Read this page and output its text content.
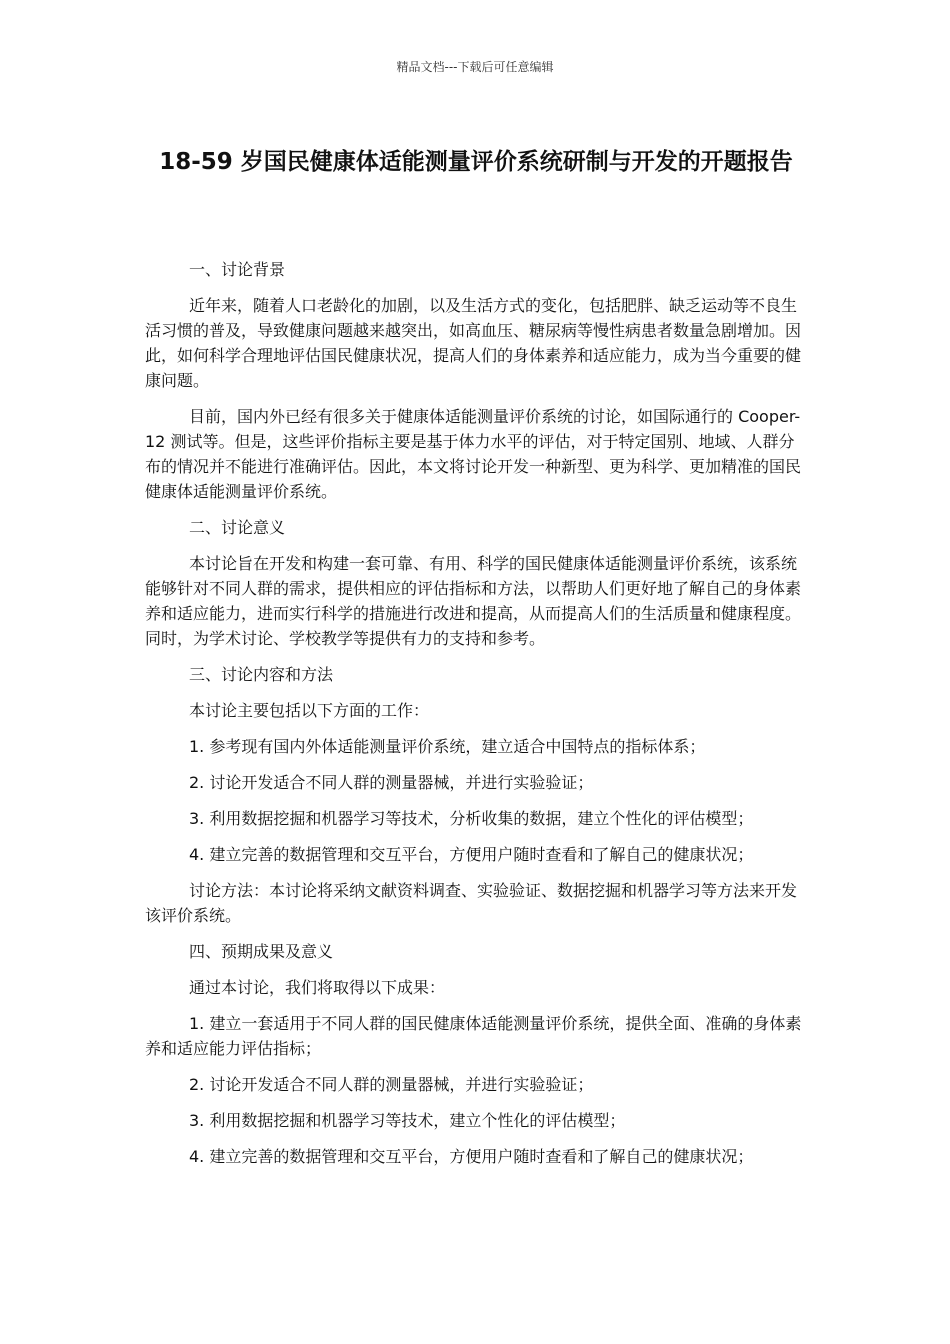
精品文档---下载后可任意编辑
18-59 岁国民健康体适能测量评价系统研制与开发的开题报告

一、讨论背景

近年来，随着人口老龄化的加剧，以及生活方式的变化，包括肥胖、缺乏运动等不良生活习惯的普及，导致健康问题越来越突出，如高血压、糖尿病等慢性病患者数量急剧增加。因此，如何科学合理地评估国民健康状况，提高人们的身体素养和适应能力，成为当今重要的健康问题。

目前，国内外已经有很多关于健康体适能测量评价系统的讨论，如国际通行的 Cooper-12 测试等。但是，这些评价指标主要是基于体力水平的评估，对于特定国别、地域、人群分布的情况并不能进行准确评估。因此，本文将讨论开发一种新型、更为科学、更加精准的国民健康体适能测量评价系统。

二、讨论意义

本讨论旨在开发和构建一套可靠、有用、科学的国民健康体适能测量评价系统，该系统能够针对不同人群的需求，提供相应的评估指标和方法，以帮助人们更好地了解自己的身体素养和适应能力，进而实行科学的措施进行改进和提高，从而提高人们的生活质量和健康程度。同时，为学术讨论、学校教学等提供有力的支持和参考。

三、讨论内容和方法

本讨论主要包括以下方面的工作：

1. 参考现有国内外体适能测量评价系统，建立适合中国特点的指标体系；

2. 讨论开发适合不同人群的测量器械，并进行实验验证；

3. 利用数据挖掘和机器学习等技术，分析收集的数据，建立个性化的评估模型；

4. 建立完善的数据管理和交互平台，方便用户随时查看和了解自己的健康状况；

讨论方法：本讨论将采纳文献资料调查、实验验证、数据挖掘和机器学习等方法来开发该评价系统。

四、预期成果及意义

通过本讨论，我们将取得以下成果：

1. 建立一套适用于不同人群的国民健康体适能测量评价系统，提供全面、准确的身体素养和适应能力评估指标；

2. 讨论开发适合不同人群的测量器械，并进行实验验证；

3. 利用数据挖掘和机器学习等技术，建立个性化的评估模型；

4. 建立完善的数据管理和交互平台，方便用户随时查看和了解自己的健康状况；
